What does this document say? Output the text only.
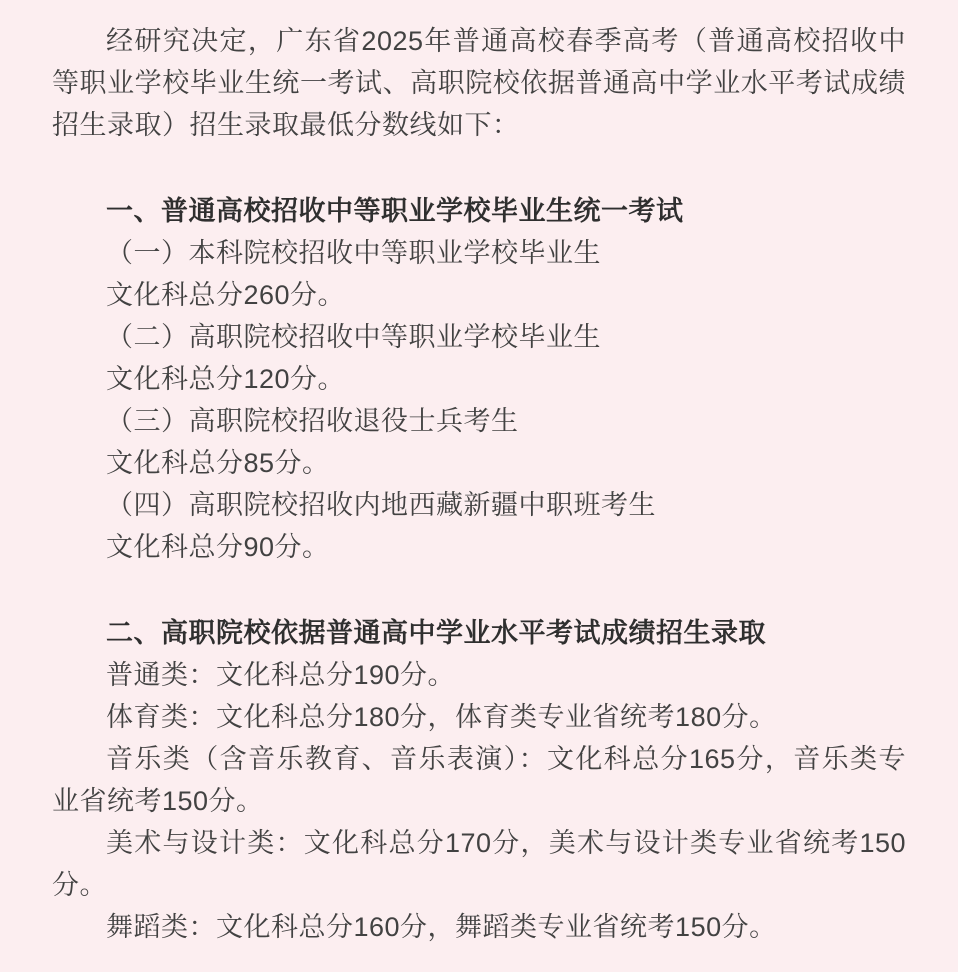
经研究决定，广东省2025年普通高校春季高考（普通高校招收中等职业学校毕业生统一考试、高职院校依据普通高中学业水平考试成绩招生录取）招生录取最低分数线如下：

一、普通高校招收中等职业学校毕业生统一考试

（一）本科院校招收中等职业学校毕业生

文化科总分260分。

（二）高职院校招收中等职业学校毕业生

文化科总分120分。

（三）高职院校招收退役士兵考生

文化科总分85分。

（四）高职院校招收内地西藏新疆中职班考生

文化科总分90分。

二、高职院校依据普通高中学业水平考试成绩招生录取

普通类：文化科总分190分。

体育类：文化科总分180分，体育类专业省统考180分。

音乐类（含音乐教育、音乐表演）：文化科总分165分，音乐类专业省统考150分。

美术与设计类：文化科总分170分，美术与设计类专业省统考150分。

舞蹈类：文化科总分160分，舞蹈类专业省统考150分。
